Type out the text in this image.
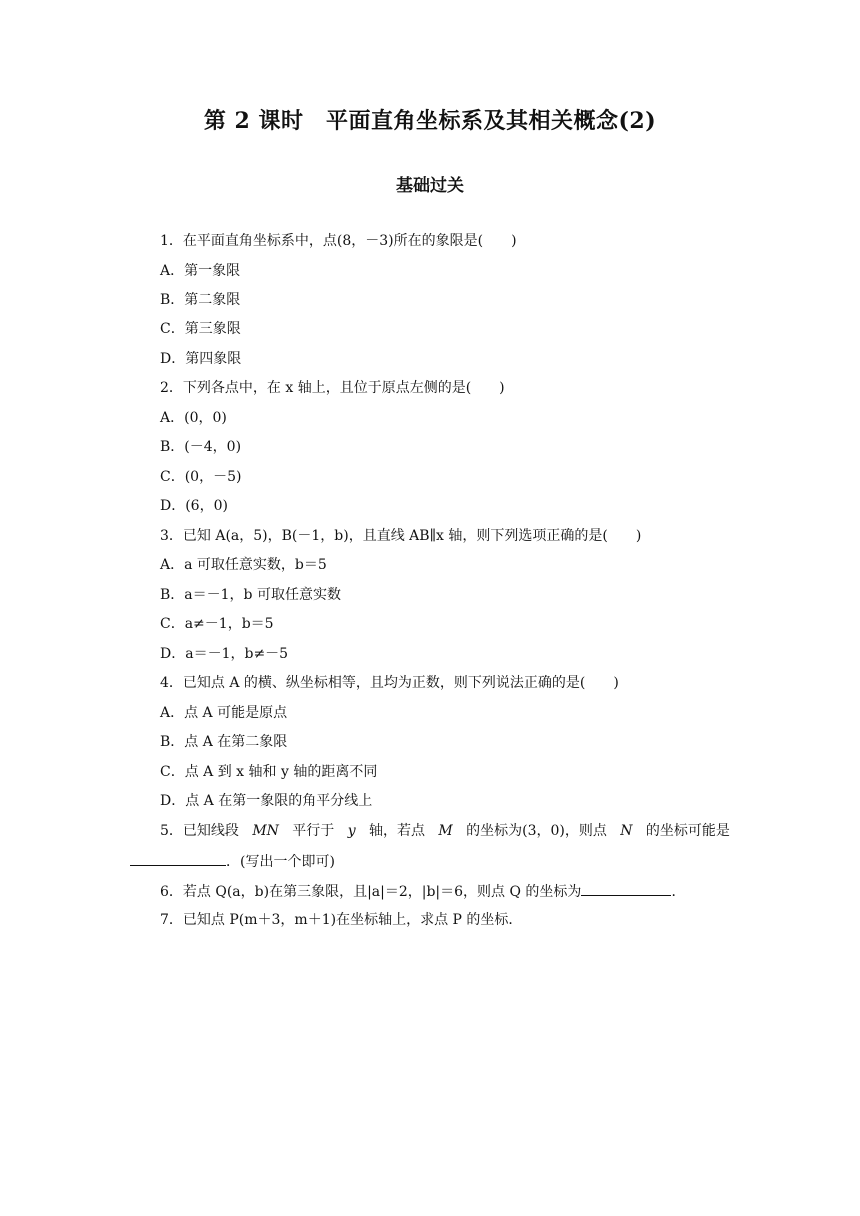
第 2 课时　平面直角坐标系及其相关概念(2)
基础过关
1．在平面直角坐标系中，点(8，－3)所在的象限是(　　)
A．第一象限
B．第二象限
C．第三象限
D．第四象限
2．下列各点中，在 x 轴上，且位于原点左侧的是(　　)
A．(0，0)
B．(－4，0)
C．(0，－5)
D．(6，0)
3．已知 A(a，5)，B(－1，b)，且直线 AB∥x 轴，则下列选项正确的是(　　)
A．a 可取任意实数，b＝5
B．a＝－1，b 可取任意实数
C．a≠－1，b＝5
D．a＝－1，b≠－5
4．已知点 A 的横、纵坐标相等，且均为正数，则下列说法正确的是(　　)
A．点 A 可能是原点
B．点 A 在第二象限
C．点 A 到 x 轴和 y 轴的距离不同
D．点 A 在第一象限的角平分线上
5．已知线段 MN 平行于 y 轴，若点 M 的坐标为(3，0)，则点 N 的坐标可能是
．(写出一个即可)
6．若点 Q(a，b)在第三象限，且|a|＝2，|b|＝6，则点 Q 的坐标为	．
7．已知点 P(m＋3，m＋1)在坐标轴上，求点 P 的坐标．
